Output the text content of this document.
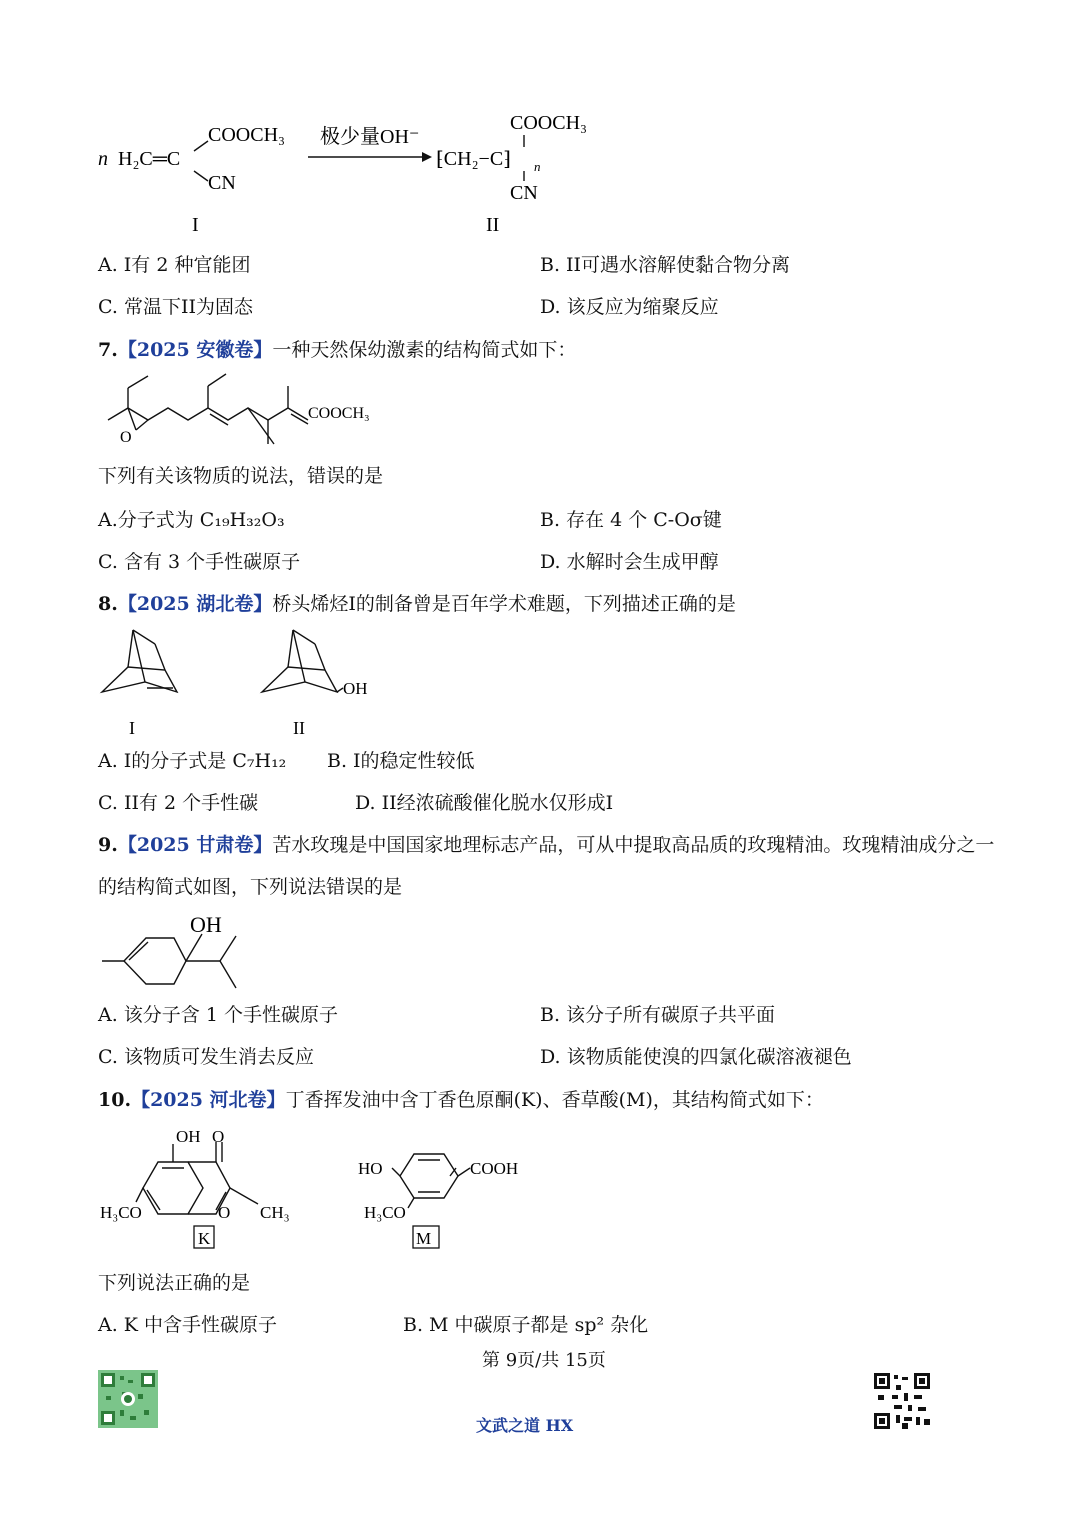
n H₂C═C
COOCH₃
CN
I
极少量OH⁻
COOCH₃
⁅CH₂−C⁆ n
CN
II
A. I有 2 种官能团	B. II可遇水溶解使黏合物分离
C. 常温下II为固态	D. 该反应为缩聚反应
7.【2025 安徽卷】一种天然保幼激素的结构简式如下：
O
COOCH₃
下列有关该物质的说法，错误的是
A.分子式为 C₁₉H₃₂O₃	B. 存在 4 个 C-Oσ键
C. 含有 3 个手性碳原子	D. 水解时会生成甲醇
8.【2025 湖北卷】桥头烯烃I的制备曾是百年学术难题，下列描述正确的是
OH
I	II
A. I的分子式是 C₇H₁₂ B. I的稳定性较低
C. II有 2 个手性碳	D. II经浓硫酸催化脱水仅形成I
9.【2025 甘肃卷】苦水玫瑰是中国国家地理标志产品，可从中提取高品质的玫瑰精油。玫瑰精油成分之一
的结构简式如图，下列说法错误的是
OH
A. 该分子含 1 个手性碳原子	B. 该分子所有碳原子共平面
C. 该物质可发生消去反应	D. 该物质能使溴的四氯化碳溶液褪色
10.【2025 河北卷】丁香挥发油中含丁香色原酮(K)、香草酸(M)，其结构简式如下：
OH O
O
H₃CO	CH₃
K
HO	COOH
H₃CO
M
下列说法正确的是
A. K 中含手性碳原子	B. M 中碳原子都是 sp² 杂化
第 9页/共 15页
文武之道 HX
